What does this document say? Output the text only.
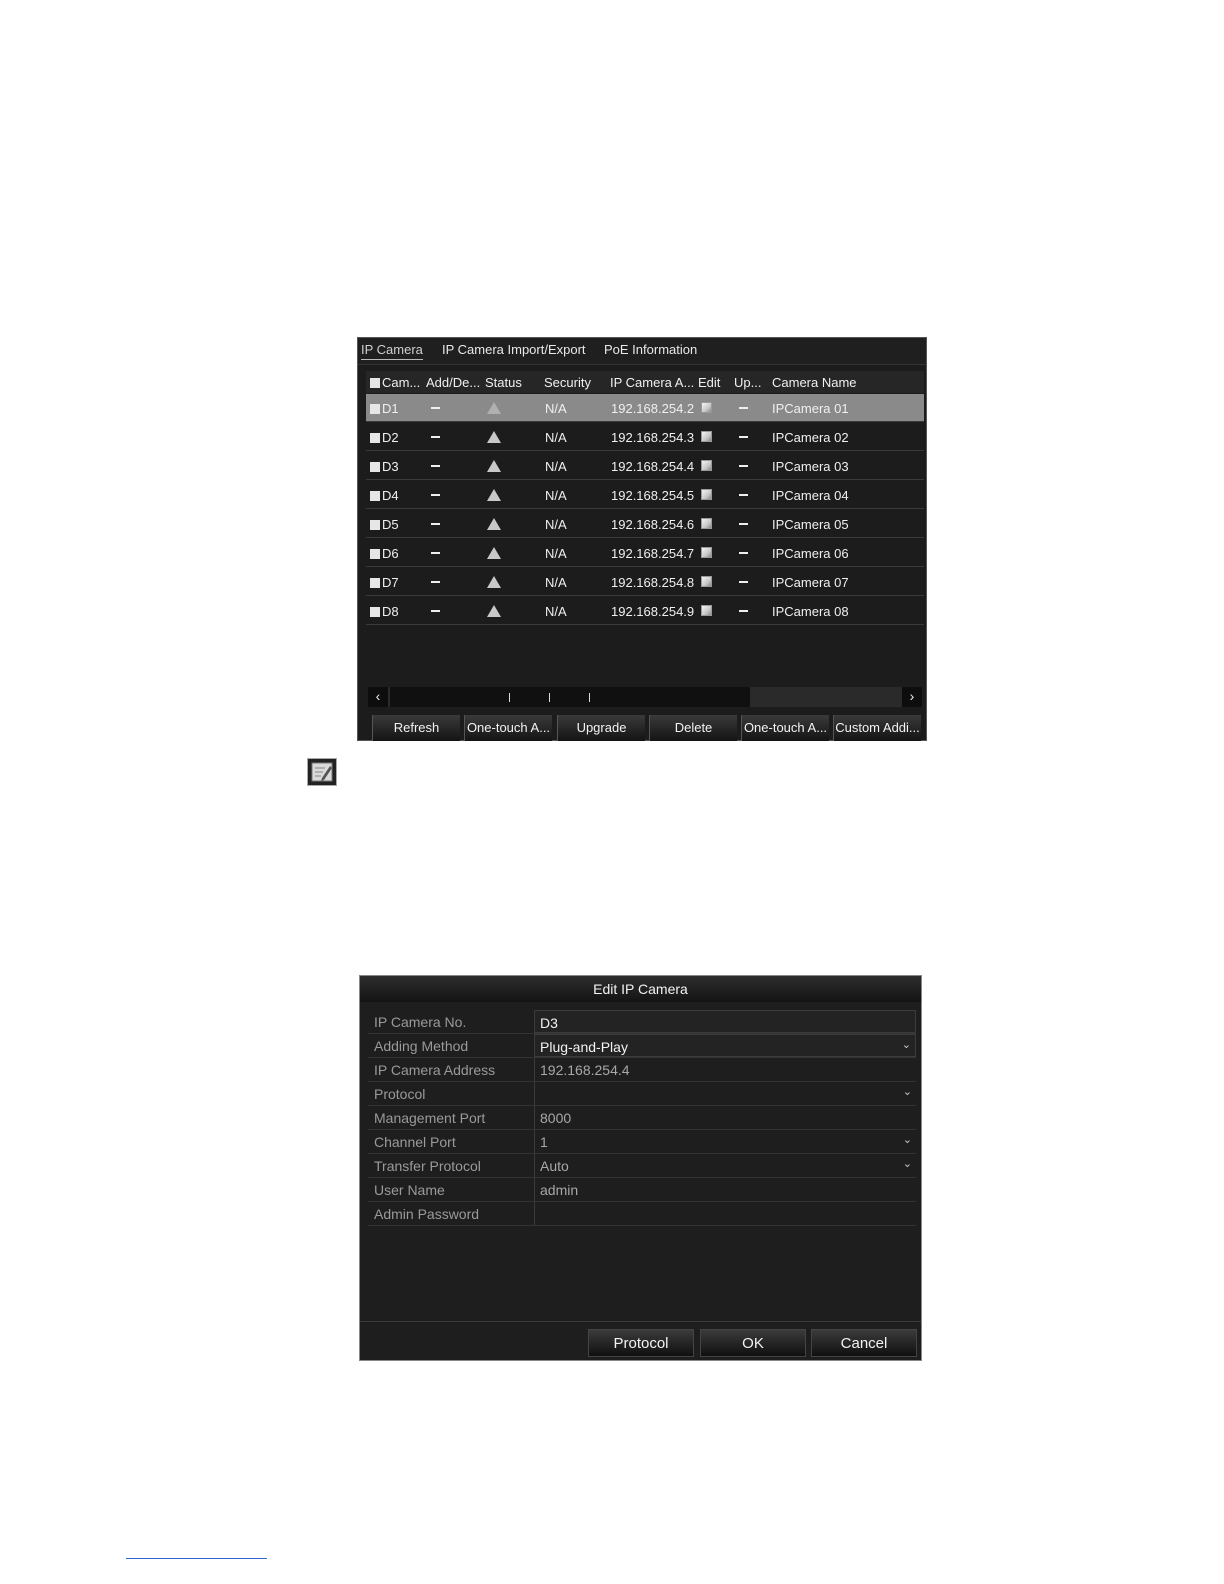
IP Camera IP Camera Import/Export PoE Information
Cam... Add/De... Status	Security	IP Camera A... Edit	Up... Camera Name
D1	N/A	192.168.254.2	IPCamera 01
D2	N/A	192.168.254.3	IPCamera 02
D3	N/A	192.168.254.4	IPCamera 03
D4	N/A	192.168.254.5	IPCamera 04
D5	N/A	192.168.254.6	IPCamera 05
D6	N/A	192.168.254.7	IPCamera 06
D7	N/A	192.168.254.8	IPCamera 07
D8	N/A	192.168.254.9	IPCamera 08
‹	›
Refresh	One-touch A...	Upgrade	Delete	One-touch A... Custom Addi...
Edit IP Camera
IP Camera No.	D3
Adding Method	Plug-and-Play	⌄
IP Camera Address	192.168.254.4
Protocol	⌄
Management Port	8000
Channel Port	1	⌄
Transfer Protocol	Auto	⌄
User Name	admin
Admin Password
Protocol	OK	Cancel
